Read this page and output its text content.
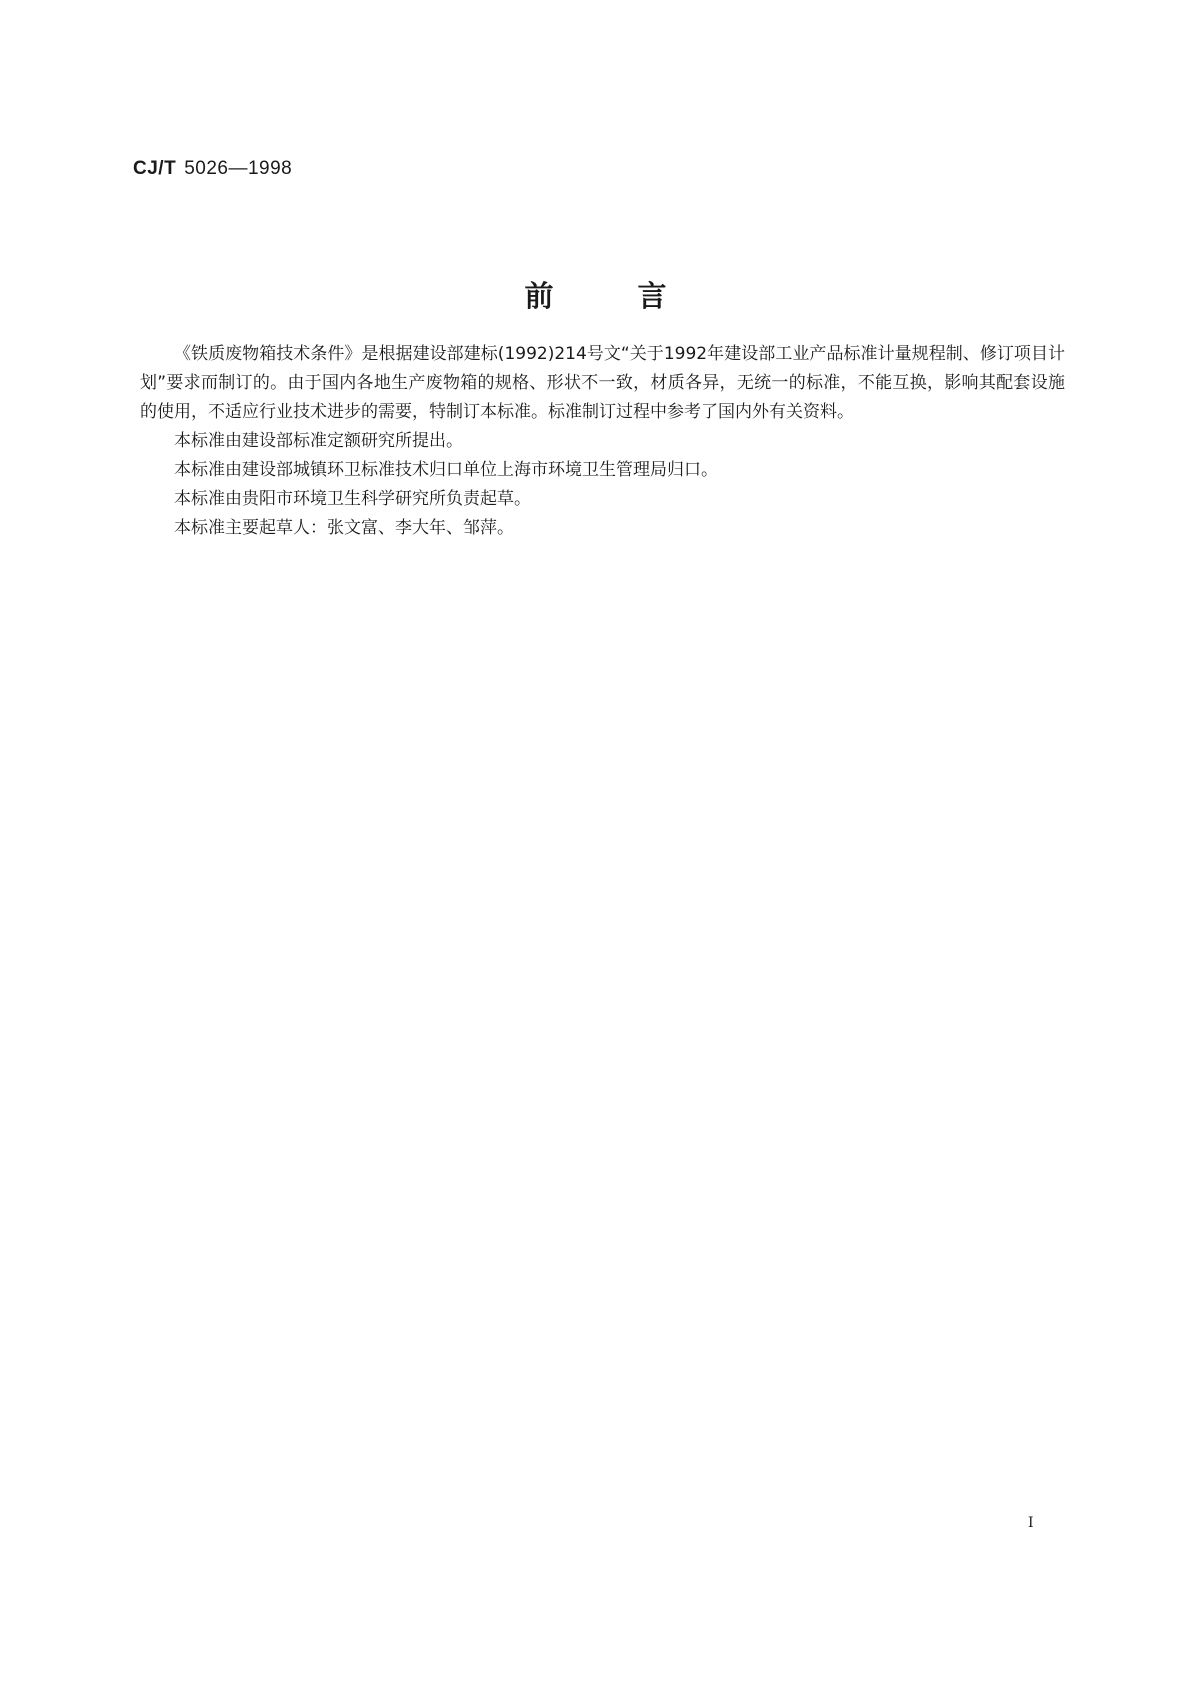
CJ/T 5026—1998
前言

《铁质废物箱技术条件》是根据建设部建标(1992)214号文“关于1992年建设部工业产品标准计量规程制、修订项目计划”要求而制订的。由于国内各地生产废物箱的规格、形状不一致，材质各异，无统一的标准，不能互换，影响其配套设施的使用，不适应行业技术进步的需要，特制订本标准。标准制订过程中参考了国内外有关资料。

本标准由建设部标准定额研究所提出。

本标准由建设部城镇环卫标准技术归口单位上海市环境卫生管理局归口。

本标准由贵阳市环境卫生科学研究所负责起草。

本标准主要起草人：张文富、李大年、邹萍。

I
